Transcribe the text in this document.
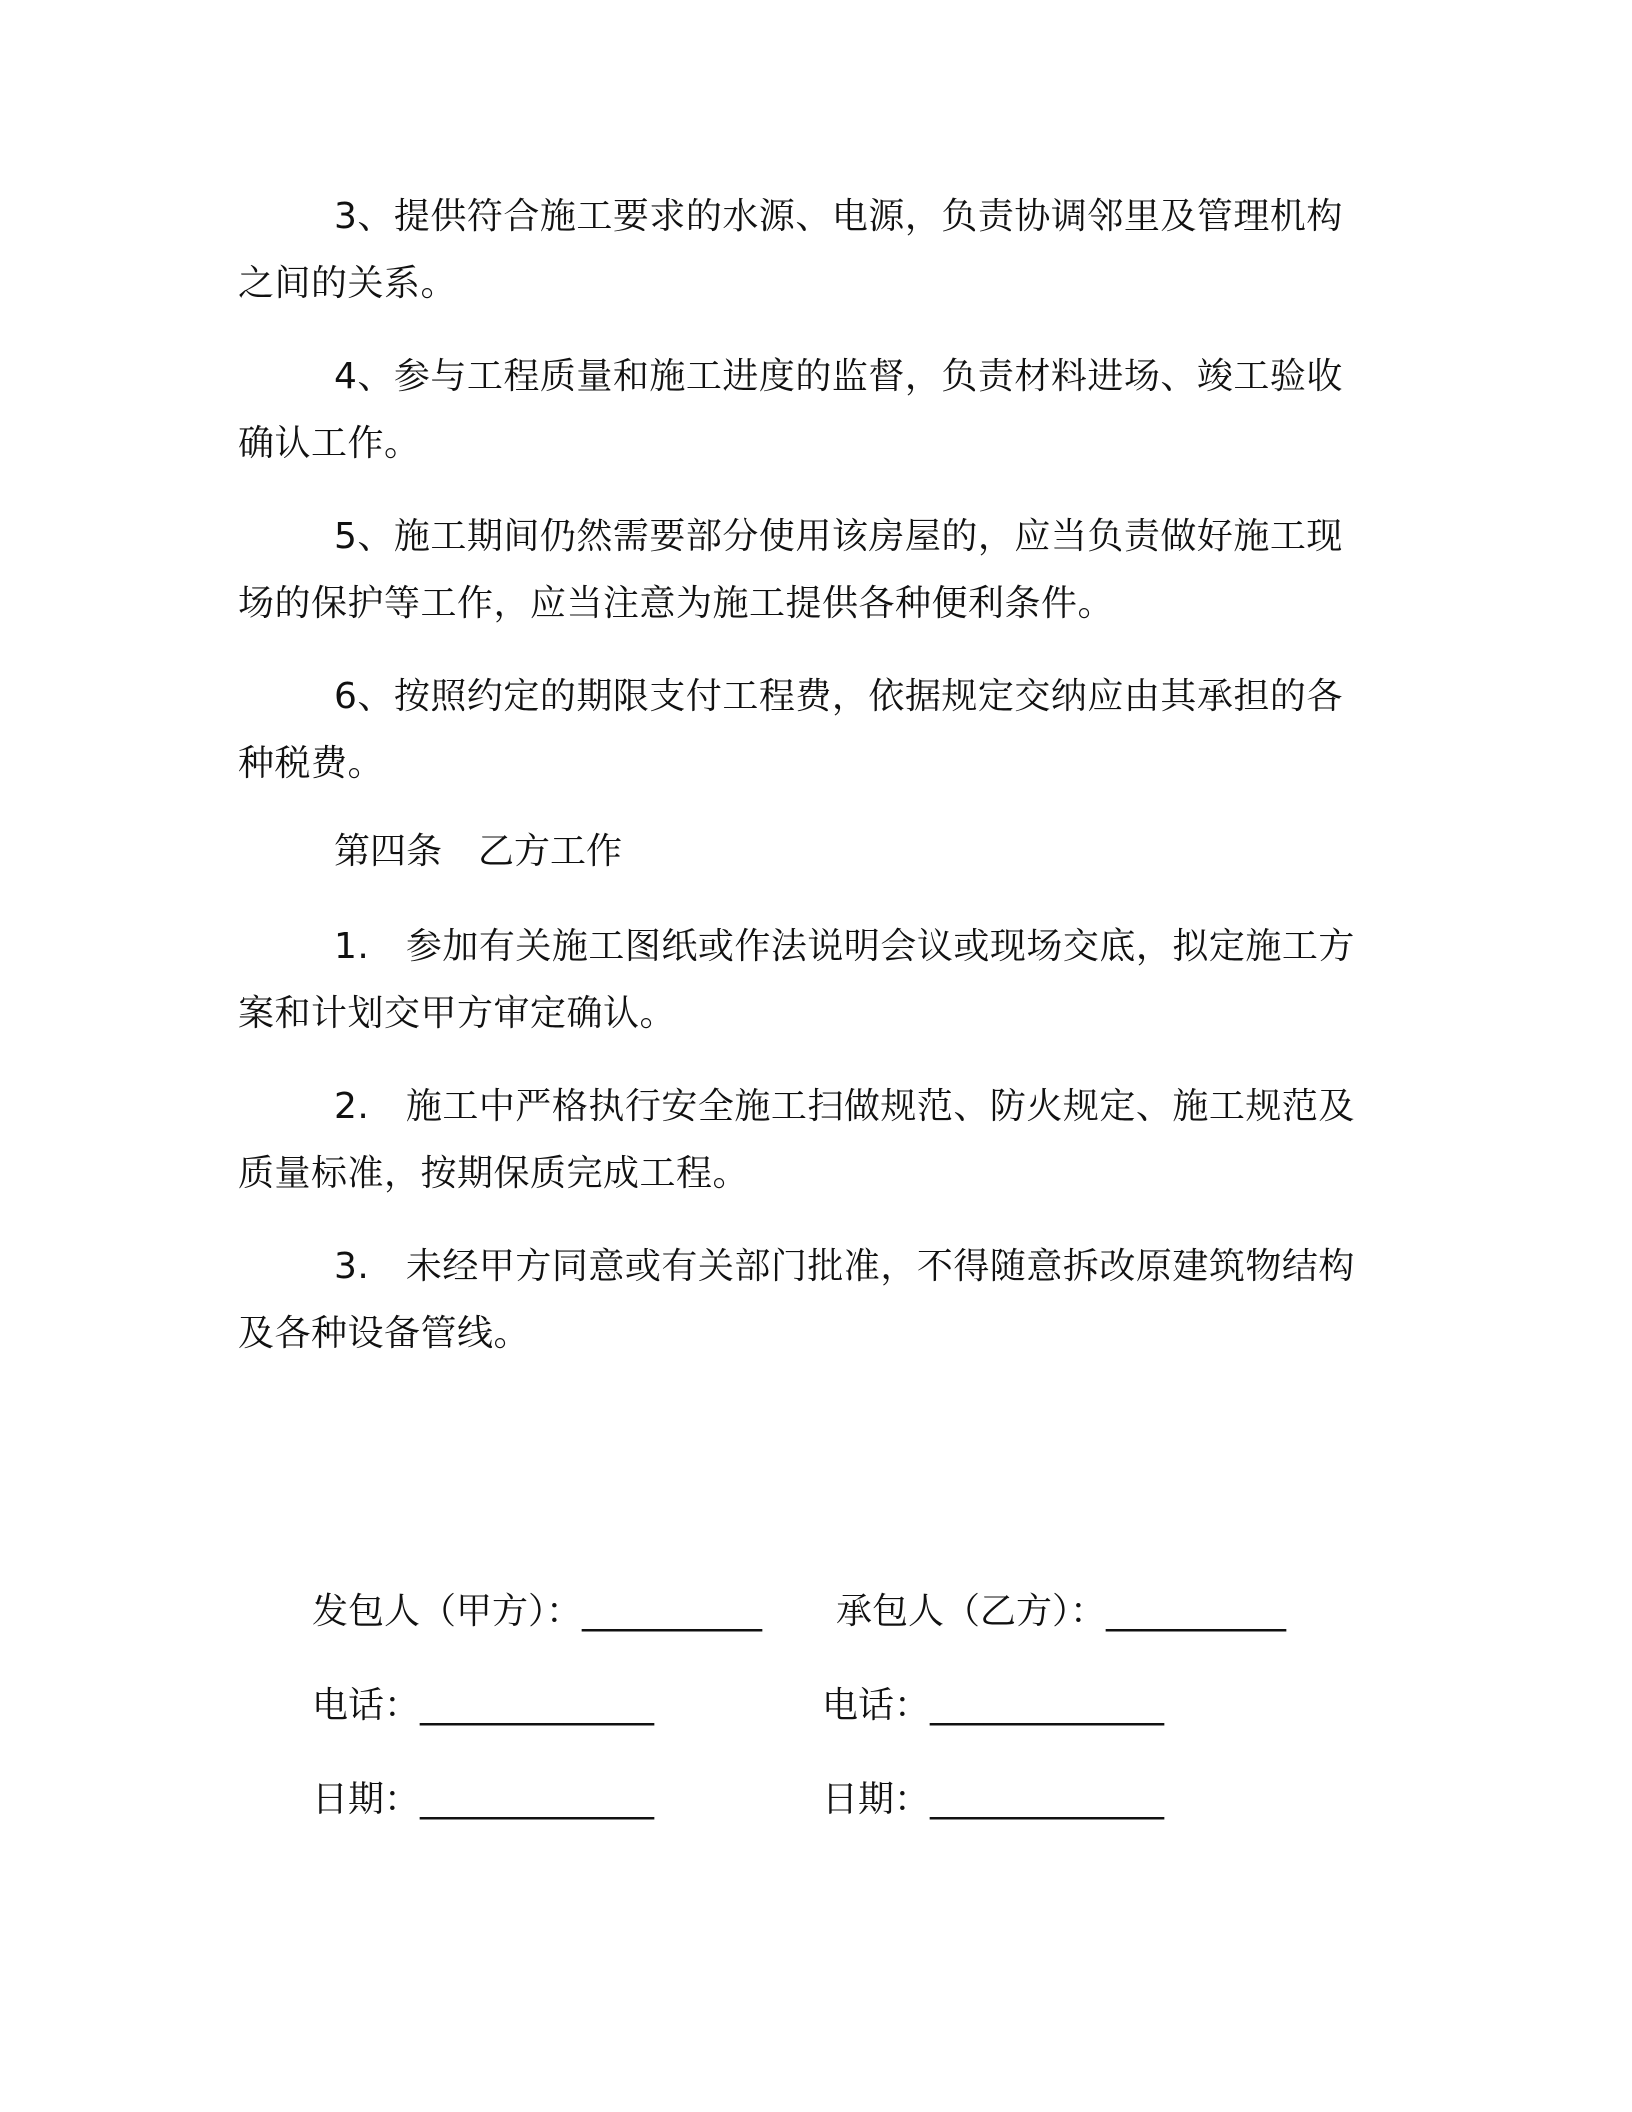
3、提供符合施工要求的水源、电源，负责协调邻里及管理机构之间的关系。

4、参与工程质量和施工进度的监督，负责材料进场、竣工验收确认工作。

5、施工期间仍然需要部分使用该房屋的，应当负责做好施工现场的保护等工作，应当注意为施工提供各种便利条件。

6、按照约定的期限支付工程费，依据规定交纳应由其承担的各种税费。

第四条　乙方工作

1.　参加有关施工图纸或作法说明会议或现场交底，拟定施工方案和计划交甲方审定确认。

2.　施工中严格执行安全施工扫做规范、防火规定、施工规范及质量标准，按期保质完成工程。

3.　未经甲方同意或有关部门批准，不得随意拆改原建筑物结构及各种设备管线。

发包人（甲方）：__________ 承包人（乙方）：__________

电话：_____________	电话：_____________

日期：_____________	日期：_____________
